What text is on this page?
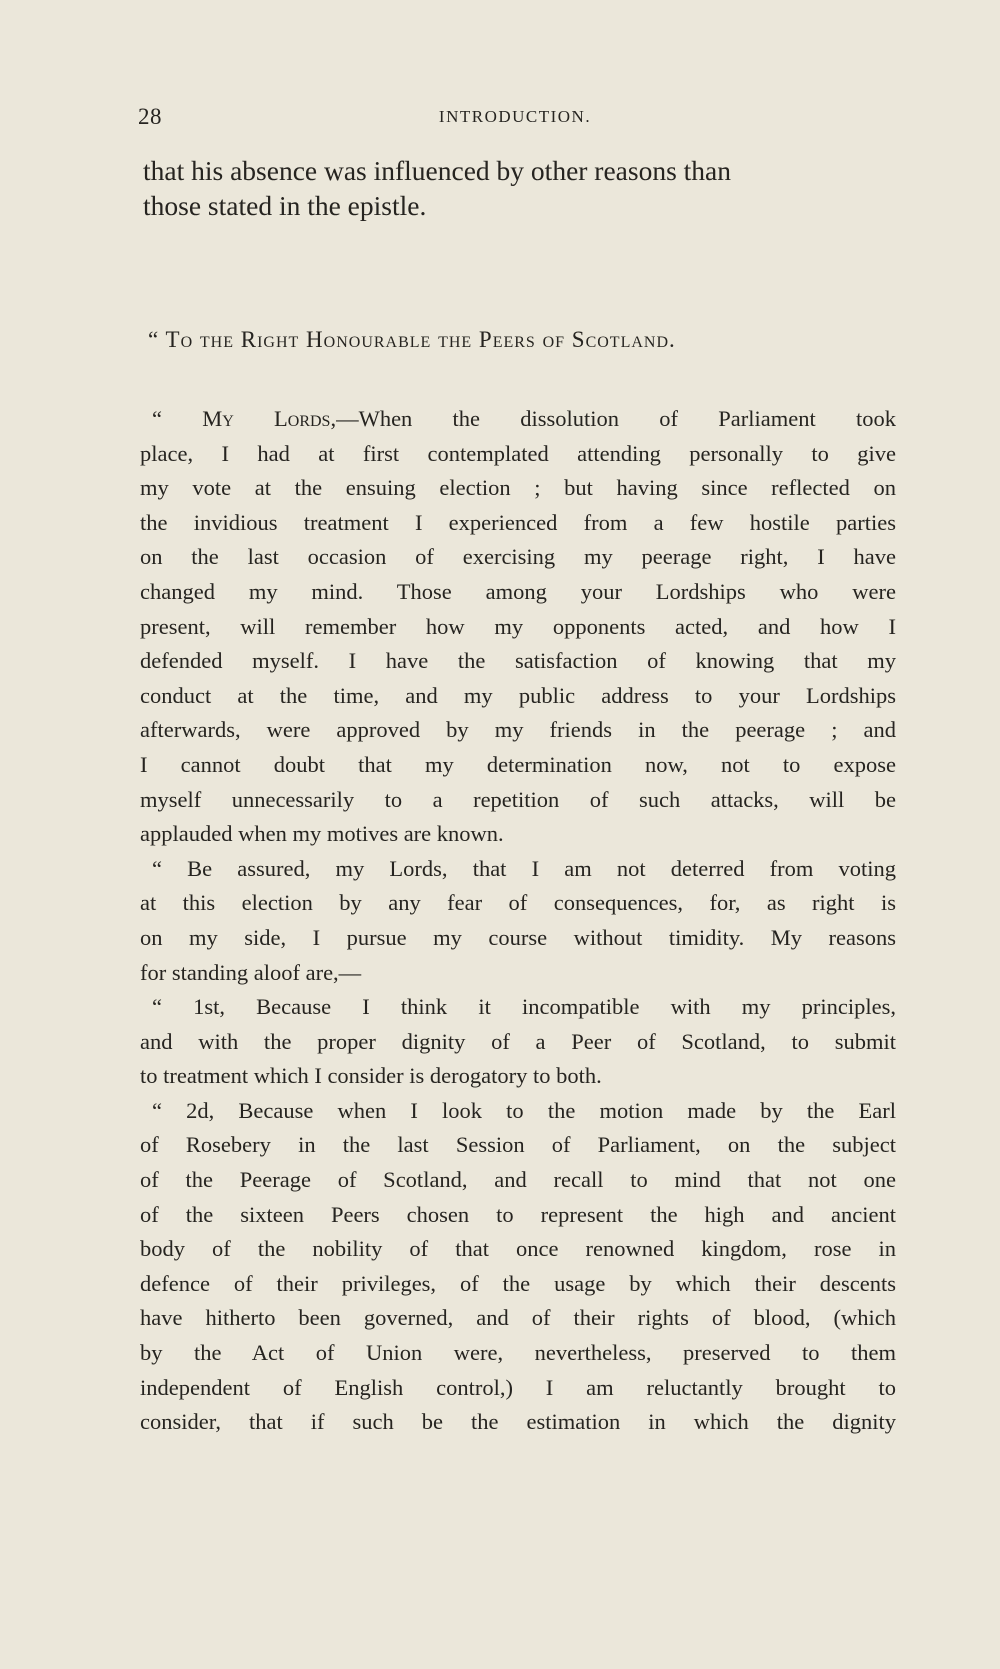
28	INTRODUCTION.
that his absence was influenced by other reasons than
those stated in the epistle.
“ To the Right Honourable the Peers of Scotland.
“ My Lords,—When the dissolution of Parliament took
place, I had at first contemplated attending personally to give
my vote at the ensuing election ; but having since reflected on
the invidious treatment I experienced from a few hostile parties
on the last occasion of exercising my peerage right, I have
changed my mind. Those among your Lordships who were
present, will remember how my opponents acted, and how I
defended myself. I have the satisfaction of knowing that my
conduct at the time, and my public address to your Lordships
afterwards, were approved by my friends in the peerage ; and
I cannot doubt that my determination now, not to expose
myself unnecessarily to a repetition of such attacks, will be
applauded when my motives are known.
“ Be assured, my Lords, that I am not deterred from voting
at this election by any fear of consequences, for, as right is
on my side, I pursue my course without timidity. My reasons
for standing aloof are,—
“ 1st, Because I think it incompatible with my principles,
and with the proper dignity of a Peer of Scotland, to submit
to treatment which I consider is derogatory to both.
“ 2d, Because when I look to the motion made by the Earl
of Rosebery in the last Session of Parliament, on the subject
of the Peerage of Scotland, and recall to mind that not one
of the sixteen Peers chosen to represent the high and ancient
body of the nobility of that once renowned kingdom, rose in
defence of their privileges, of the usage by which their descents
have hitherto been governed, and of their rights of blood, (which
by the Act of Union were, nevertheless, preserved to them
independent of English control,) I am reluctantly brought to
consider, that if such be the estimation in which the dignity
